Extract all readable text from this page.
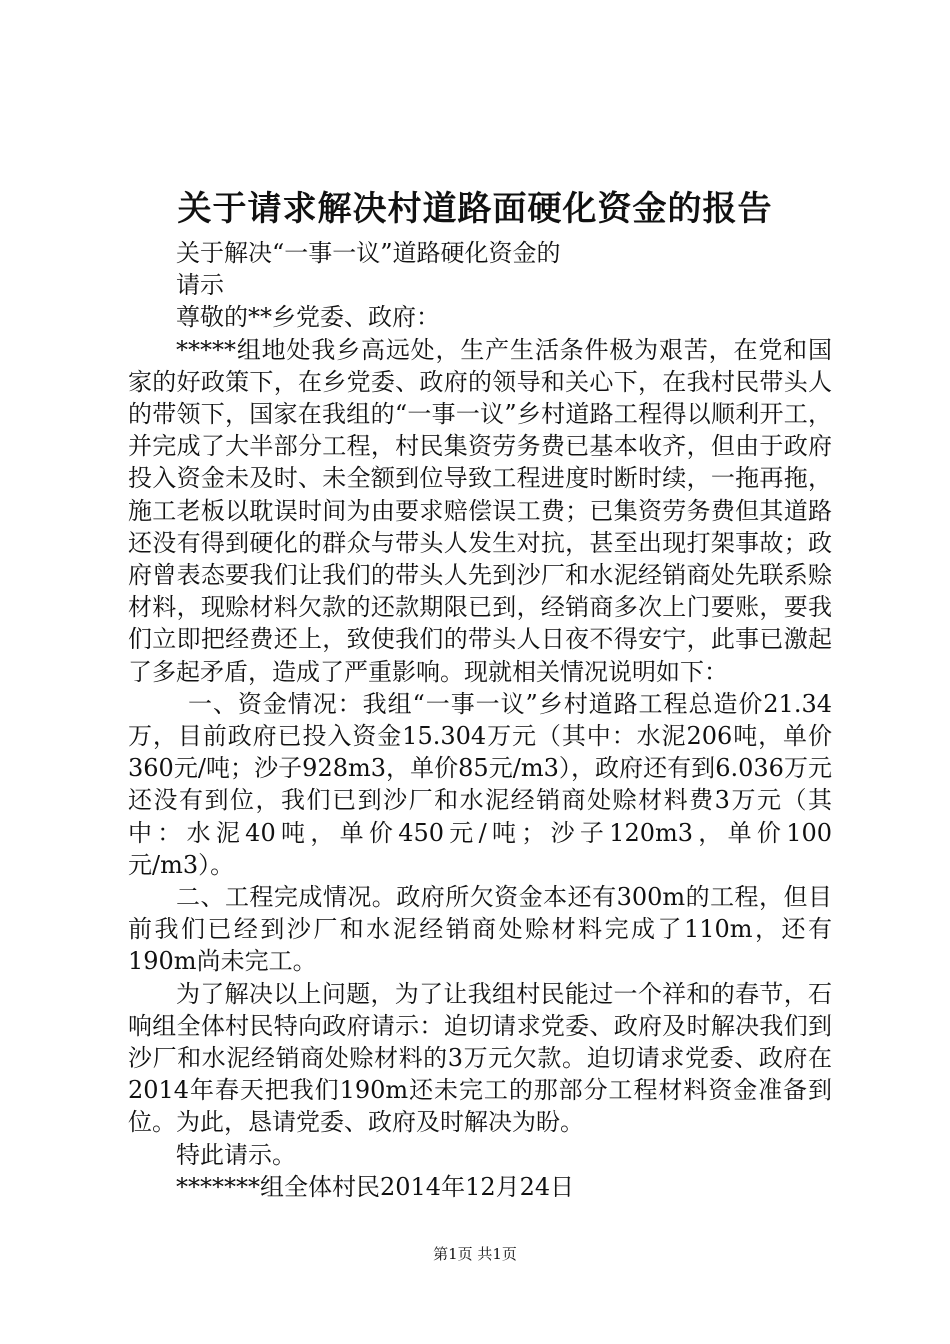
关于请求解决村道路面硬化资金的报告

关于解决“一事一议”道路硬化资金的

请示

尊敬的**乡党委、政府：

*****组地处我乡高远处，生产生活条件极为艰苦，在党和国家的好政策下，在乡党委、政府的领导和关心下，在我村民带头人的带领下，国家在我组的“一事一议”乡村道路工程得以顺利开工，并完成了大半部分工程，村民集资劳务费已基本收齐，但由于政府投入资金未及时、未全额到位导致工程进度时断时续，一拖再拖，施工老板以耽误时间为由要求赔偿误工费；已集资劳务费但其道路还没有得到硬化的群众与带头人发生对抗，甚至出现打架事故；政府曾表态要我们让我们的带头人先到沙厂和水泥经销商处先联系赊材料，现赊材料欠款的还款期限已到，经销商多次上门要账，要我们立即把经费还上，致使我们的带头人日夜不得安宁，此事已激起了多起矛盾，造成了严重影响。现就相关情况说明如下：

一、资金情况：我组“一事一议”乡村道路工程总造价21.34万，目前政府已投入资金15.304万元（其中：水泥206吨，单价360元/吨；沙子928m3，单价85元/m3），政府还有到6.036万元还没有到位，我们已到沙厂和水泥经销商处赊材料费3万元（其中：水泥40吨，单价450元/吨；沙子120m3，单价100元/m3）。

二、工程完成情况。政府所欠资金本还有300m的工程，但目前我们已经到沙厂和水泥经销商处赊材料完成了110m，还有190m尚未完工。

为了解决以上问题，为了让我组村民能过一个祥和的春节，石响组全体村民特向政府请示：迫切请求党委、政府及时解决我们到沙厂和水泥经销商处赊材料的3万元欠款。迫切请求党委、政府在2014年春天把我们190m还未完工的那部分工程材料资金准备到位。为此，恳请党委、政府及时解决为盼。

特此请示。

*******组全体村民2014年12月24日

第1页 共1页
